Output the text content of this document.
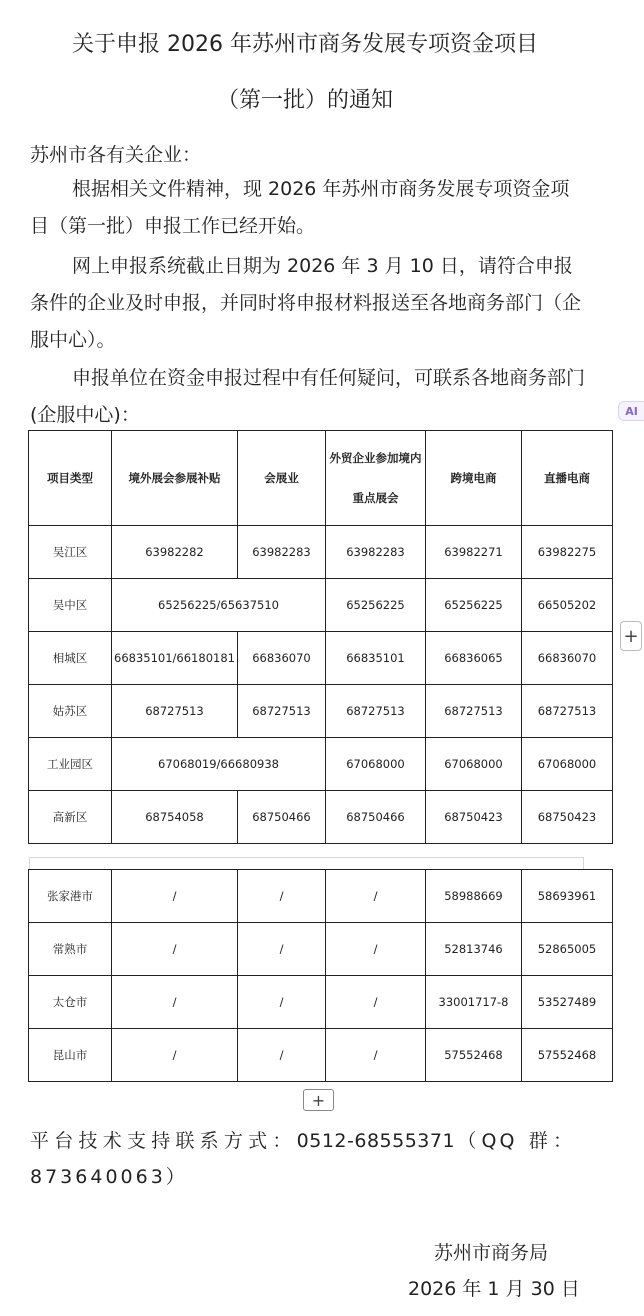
关于申报 2026 年苏州市商务发展专项资金项目
（第一批）的通知

苏州市各有关企业：

根据相关文件精神，现 2026 年苏州市商务发展专项资金项目（第一批）申报工作已经开始。

网上申报系统截止日期为 2026 年 3 月 10 日，请符合申报条件的企业及时申报，并同时将申报材料报送至各地商务部门（企服中心）。

申报单位在资金申报过程中有任何疑问，可联系各地商务部门(企服中心)：	AI
项目类型	境外展会参展补贴	会展业	外贸企业参加境内重点展会	跨境电商	直播电商
吴江区	63982282	63982283	63982283	63982271	63982275
吴中区	65256225/65637510		65256225	65256225	66505202
相城区	66835101/66180181	66836070	66835101	66836065	66836070
姑苏区	68727513	68727513	68727513	68727513	68727513
工业园区	67068019/66680938		67068000	67068000	67068000
高新区	68754058	68750466	68750466	68750423	68750423
+
张家港市	/	/	/	58988669	58693961
常熟市	/	/	/	52813746	52865005
太仓市	/	/	/	33001717-8	53527489
昆山市	/	/	/	57552468	57552468
+

平台技术支持联系方式：0512-68555371（QQ 群：873640063）

苏州市商务局
2026 年 1 月 30 日
